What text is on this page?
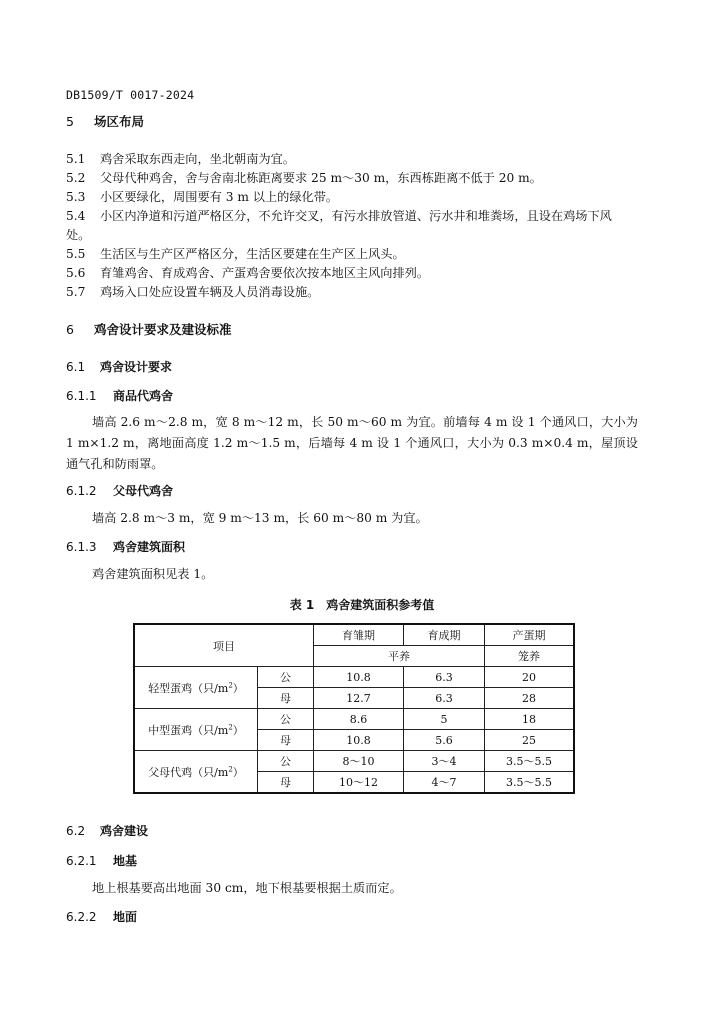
DB1509/T 0017-2024
5 场区布局
5.1 鸡舍采取东西走向，坐北朝南为宜。
5.2 父母代种鸡舍，舍与舍南北栋距离要求 25 m～30 m，东西栋距离不低于 20 m。
5.3 小区要绿化，周围要有 3 m 以上的绿化带。
5.4 小区内净道和污道严格区分，不允许交叉，有污水排放管道、污水井和堆粪场，且设在鸡场下风
处。
5.5 生活区与生产区严格区分，生活区要建在生产区上风头。
5.6 育雏鸡舍、育成鸡舍、产蛋鸡舍要依次按本地区主风向排列。
5.7 鸡场入口处应设置车辆及人员消毒设施。
6 鸡舍设计要求及建设标准
6.1 鸡舍设计要求
6.1.1 商品代鸡舍
墙高 2.6 m～2.8 m，宽 8 m～12 m，长 50 m～60 m 为宜。前墙每 4 m 设 1 个通风口，大小为 1 m×1.2 m，离地面高度 1.2 m～1.5 m，后墙每 4 m 设 1 个通风口，大小为 0.3 m×0.4 m，屋顶设通气孔和防雨罩。
6.1.2 父母代鸡舍
墙高 2.8 m～3 m，宽 9 m～13 m，长 60 m～80 m 为宜。
6.1.3 鸡舍建筑面积
鸡舍建筑面积见表 1。
表 1　鸡舍建筑面积参考值
项目		育雏期	育成期	产蛋期
		平养		笼养
轻型蛋鸡（只$/m^2$）	公	10.8	6.3	20
	母	12.7	6.3	28
中型蛋鸡（只$/m^2$）	公	8.6	5	18
	母	10.8	5.6	25
父母代鸡（只$/m^2$）	公	8～10	3～4	3.5～5.5
	母	10～12	4～7	3.5～5.5
6.2 鸡舍建设
6.2.1 地基
地上根基要高出地面 30 cm，地下根基要根据土质而定。
6.2.2 地面
